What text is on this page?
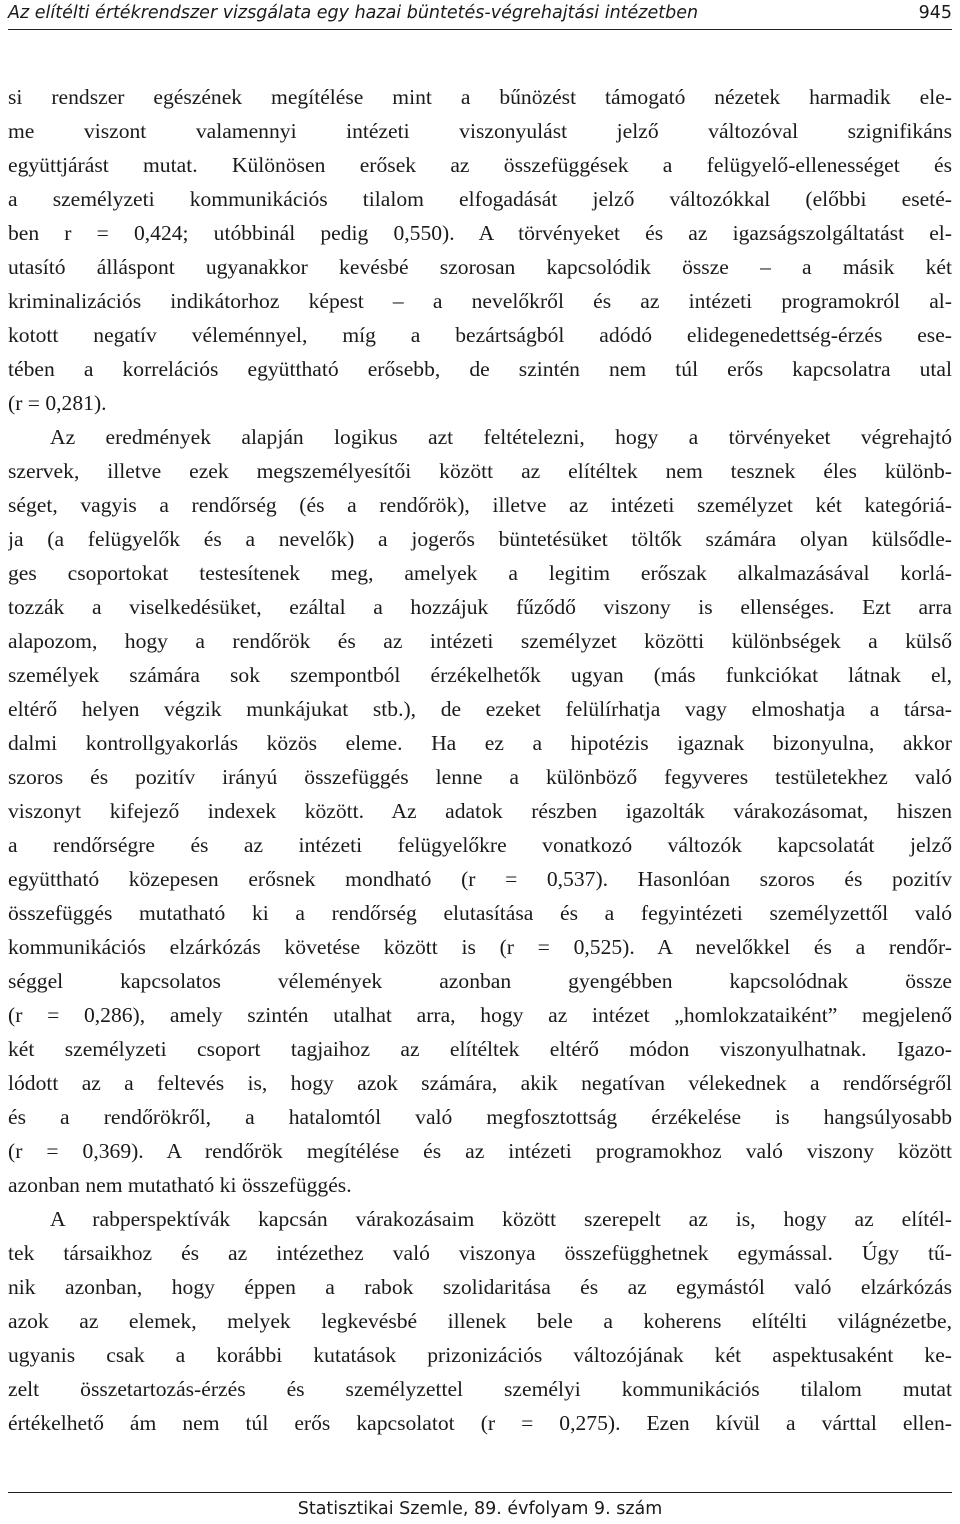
Az elítélti értékrendszer vizsgálata egy hazai büntetés-végrehajtási intézetben	945
si rendszer egészének megítélése mint a bűnözést támogató nézetek harmadik ele-
me viszont valamennyi intézeti viszonyulást jelző változóval szignifikáns
együttjárást mutat. Különösen erősek az összefüggések a felügyelő-ellenességet és
a személyzeti kommunikációs tilalom elfogadását jelző változókkal (előbbi eseté-
ben r = 0,424; utóbbinál pedig 0,550). A törvényeket és az igazságszolgáltatást el-
utasító álláspont ugyanakkor kevésbé szorosan kapcsolódik össze – a másik két
kriminalizációs indikátorhoz képest – a nevelőkről és az intézeti programokról al-
kotott negatív véleménnyel, míg a bezártságból adódó elidegenedettség-érzés ese-
tében a korrelációs együttható erősebb, de szintén nem túl erős kapcsolatra utal
(r = 0,281).
Az eredmények alapján logikus azt feltételezni, hogy a törvényeket végrehajtó
szervek, illetve ezek megszemélyesítői között az elítéltek nem tesznek éles különb-
séget, vagyis a rendőrség (és a rendőrök), illetve az intézeti személyzet két kategóriá-
ja (a felügyelők és a nevelők) a jogerős büntetésüket töltők számára olyan külsődle-
ges csoportokat testesítenek meg, amelyek a legitim erőszak alkalmazásával korlá-
tozzák a viselkedésüket, ezáltal a hozzájuk fűződő viszony is ellenséges. Ezt arra
alapozom, hogy a rendőrök és az intézeti személyzet közötti különbségek a külső
személyek számára sok szempontból érzékelhetők ugyan (más funkciókat látnak el,
eltérő helyen végzik munkájukat stb.), de ezeket felülírhatja vagy elmoshatja a társa-
dalmi kontrollgyakorlás közös eleme. Ha ez a hipotézis igaznak bizonyulna, akkor
szoros és pozitív irányú összefüggés lenne a különböző fegyveres testületekhez való
viszonyt kifejező indexek között. Az adatok részben igazolták várakozásomat, hiszen
a rendőrségre és az intézeti felügyelőkre vonatkozó változók kapcsolatát jelző
együttható közepesen erősnek mondható (r = 0,537). Hasonlóan szoros és pozitív
összefüggés mutatható ki a rendőrség elutasítása és a fegyintézeti személyzettől való
kommunikációs elzárkózás követése között is (r = 0,525). A nevelőkkel és a rendőr-
séggel kapcsolatos vélemények azonban gyengébben kapcsolódnak össze
(r = 0,286), amely szintén utalhat arra, hogy az intézet „homlokzataiként” megjelenő
két személyzeti csoport tagjaihoz az elítéltek eltérő módon viszonyulhatnak. Igazo-
lódott az a feltevés is, hogy azok számára, akik negatívan vélekednek a rendőrségről
és a rendőrökről, a hatalomtól való megfosztottság érzékelése is hangsúlyosabb
(r = 0,369). A rendőrök megítélése és az intézeti programokhoz való viszony között
azonban nem mutatható ki összefüggés.
A rabperspektívák kapcsán várakozásaim között szerepelt az is, hogy az elítél-
tek társaikhoz és az intézethez való viszonya összefügghetnek egymással. Úgy tű-
nik azonban, hogy éppen a rabok szolidaritása és az egymástól való elzárkózás
azok az elemek, melyek legkevésbé illenek bele a koherens elítélti világnézetbe,
ugyanis csak a korábbi kutatások prizonizációs változójának két aspektusaként ke-
zelt összetartozás-érzés és személyzettel személyi kommunikációs tilalom mutat
értékelhető ám nem túl erős kapcsolatot (r = 0,275). Ezen kívül a várttal ellen-
Statisztikai Szemle, 89. évfolyam 9. szám
